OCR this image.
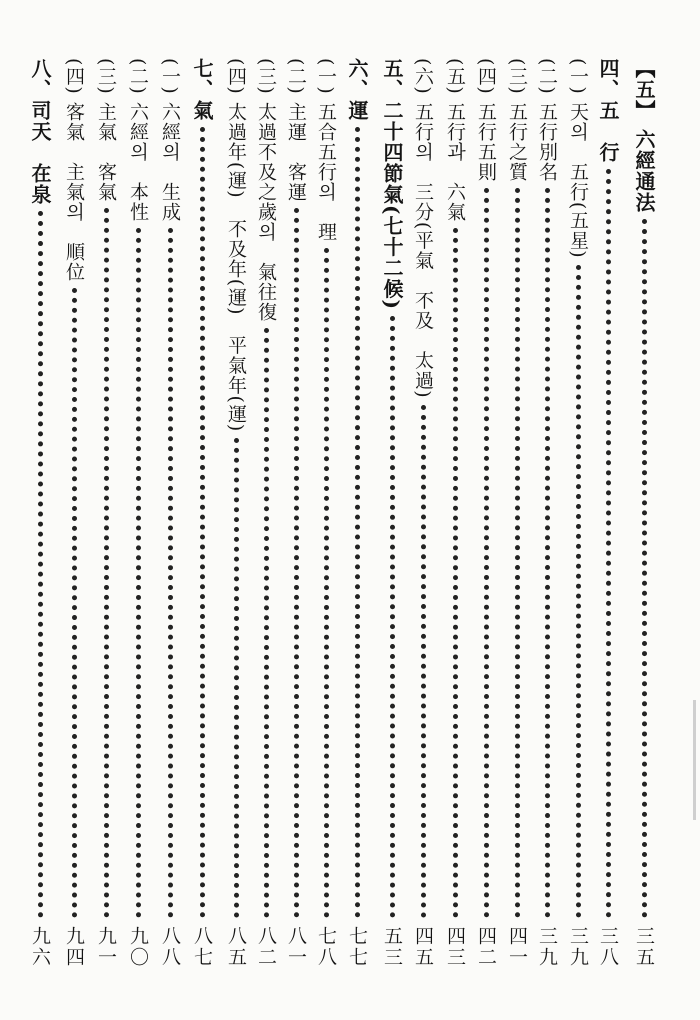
【五】 六經通法
三五
四、五　行
三八
(一) 天의　五行(五星)
三九
(二) 五行別名
三九
(三) 五行之質
四一
(四) 五行五則
四二
(五) 五行과　六氣
四三
(六) 五行의　三分(平氣　不及　太過)
四五
五、二十四節氣(七十二候)
五三
六、運
七七
(一) 五合五行의　理
七八
(二) 主運　客運
八一
(三) 太過不及之歲의　氣往復
八二
(四) 太過年(運)　不及年(運)　平氣年(運)
八五
七、氣
八七
(一) 六經의　生成
八八
(二) 六經의　本性
九〇
(三) 主氣　客氣
九一
(四) 客氣　主氣의　順位
九四
八、司天　在泉
九六
